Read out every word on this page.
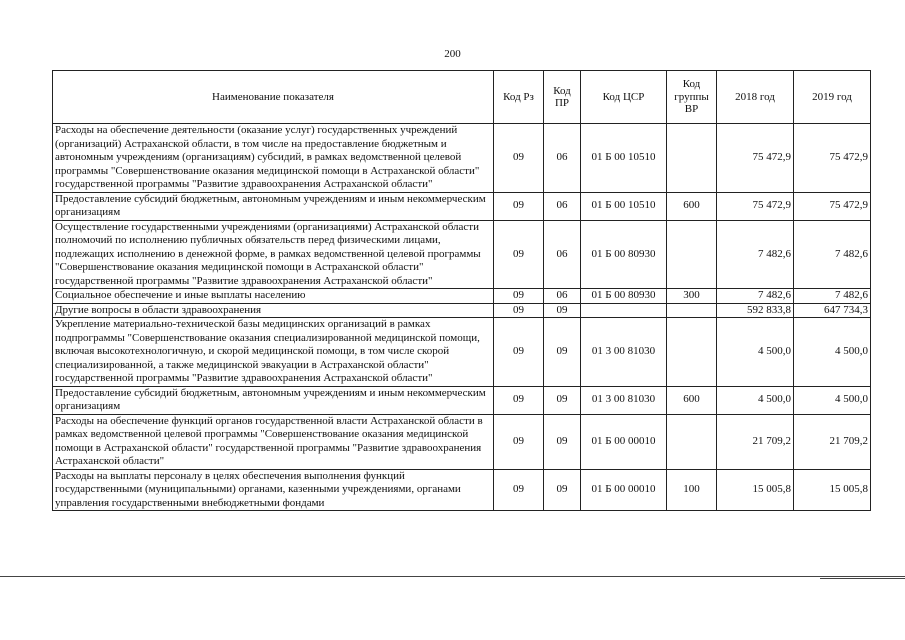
200
Наименование показателя	Код Рз	Код ПР	Код ЦСР	Код группы ВР	2018 год	2019 год
Расходы на обеспечение деятельности (оказание услуг) государственных учреждений (организаций) Астраханской области, в том числе на предоставление бюджетным и автономным учреждениям (организациям) субсидий, в рамках ведомственной целевой программы "Совершенствование оказания медицинской помощи в Астраханской области" государственной программы "Развитие здравоохранения Астраханской области"	09	06	01 Б 00 10510		75 472,9	75 472,9
Предоставление субсидий бюджетным, автономным учреждениям и иным некоммерческим организациям	09	06	01 Б 00 10510	600	75 472,9	75 472,9
Осуществление государственными учреждениями (организациями) Астраханской области полномочий по исполнению публичных обязательств перед физическими лицами, подлежащих исполнению в денежной форме, в рамках ведомственной целевой программы "Совершенствование оказания медицинской помощи в Астраханской области" государственной программы "Развитие здравоохранения Астраханской области"	09	06	01 Б 00 80930		7 482,6	7 482,6
Социальное обеспечение и иные выплаты населению	09	06	01 Б 00 80930	300	7 482,6	7 482,6
Другие вопросы в области здравоохранения	09	09			592 833,8	647 734,3
Укрепление материально-технической базы медицинских организаций в рамках подпрограммы "Совершенствование оказания специализированной медицинской помощи, включая высокотехнологичную, и скорой медицинской помощи, в том числе скорой специализированной, а также медицинской эвакуации в Астраханской области" государственной программы "Развитие здравоохранения Астраханской области"	09	09	01 3 00 81030		4 500,0	4 500,0
Предоставление субсидий бюджетным, автономным учреждениям и иным некоммерческим организациям	09	09	01 3 00 81030	600	4 500,0	4 500,0
Расходы на обеспечение функций органов государственной власти Астраханской области в рамках ведомственной целевой программы "Совершенствование оказания медицинской помощи в Астраханской области" государственной программы "Развитие здравоохранения Астраханской области"	09	09	01 Б 00 00010		21 709,2	21 709,2
Расходы на выплаты персоналу в целях обеспечения выполнения функций государственными (муниципальными) органами, казенными учреждениями, органами управления государственными внебюджетными фондами	09	09	01 Б 00 00010	100	15 005,8	15 005,8
